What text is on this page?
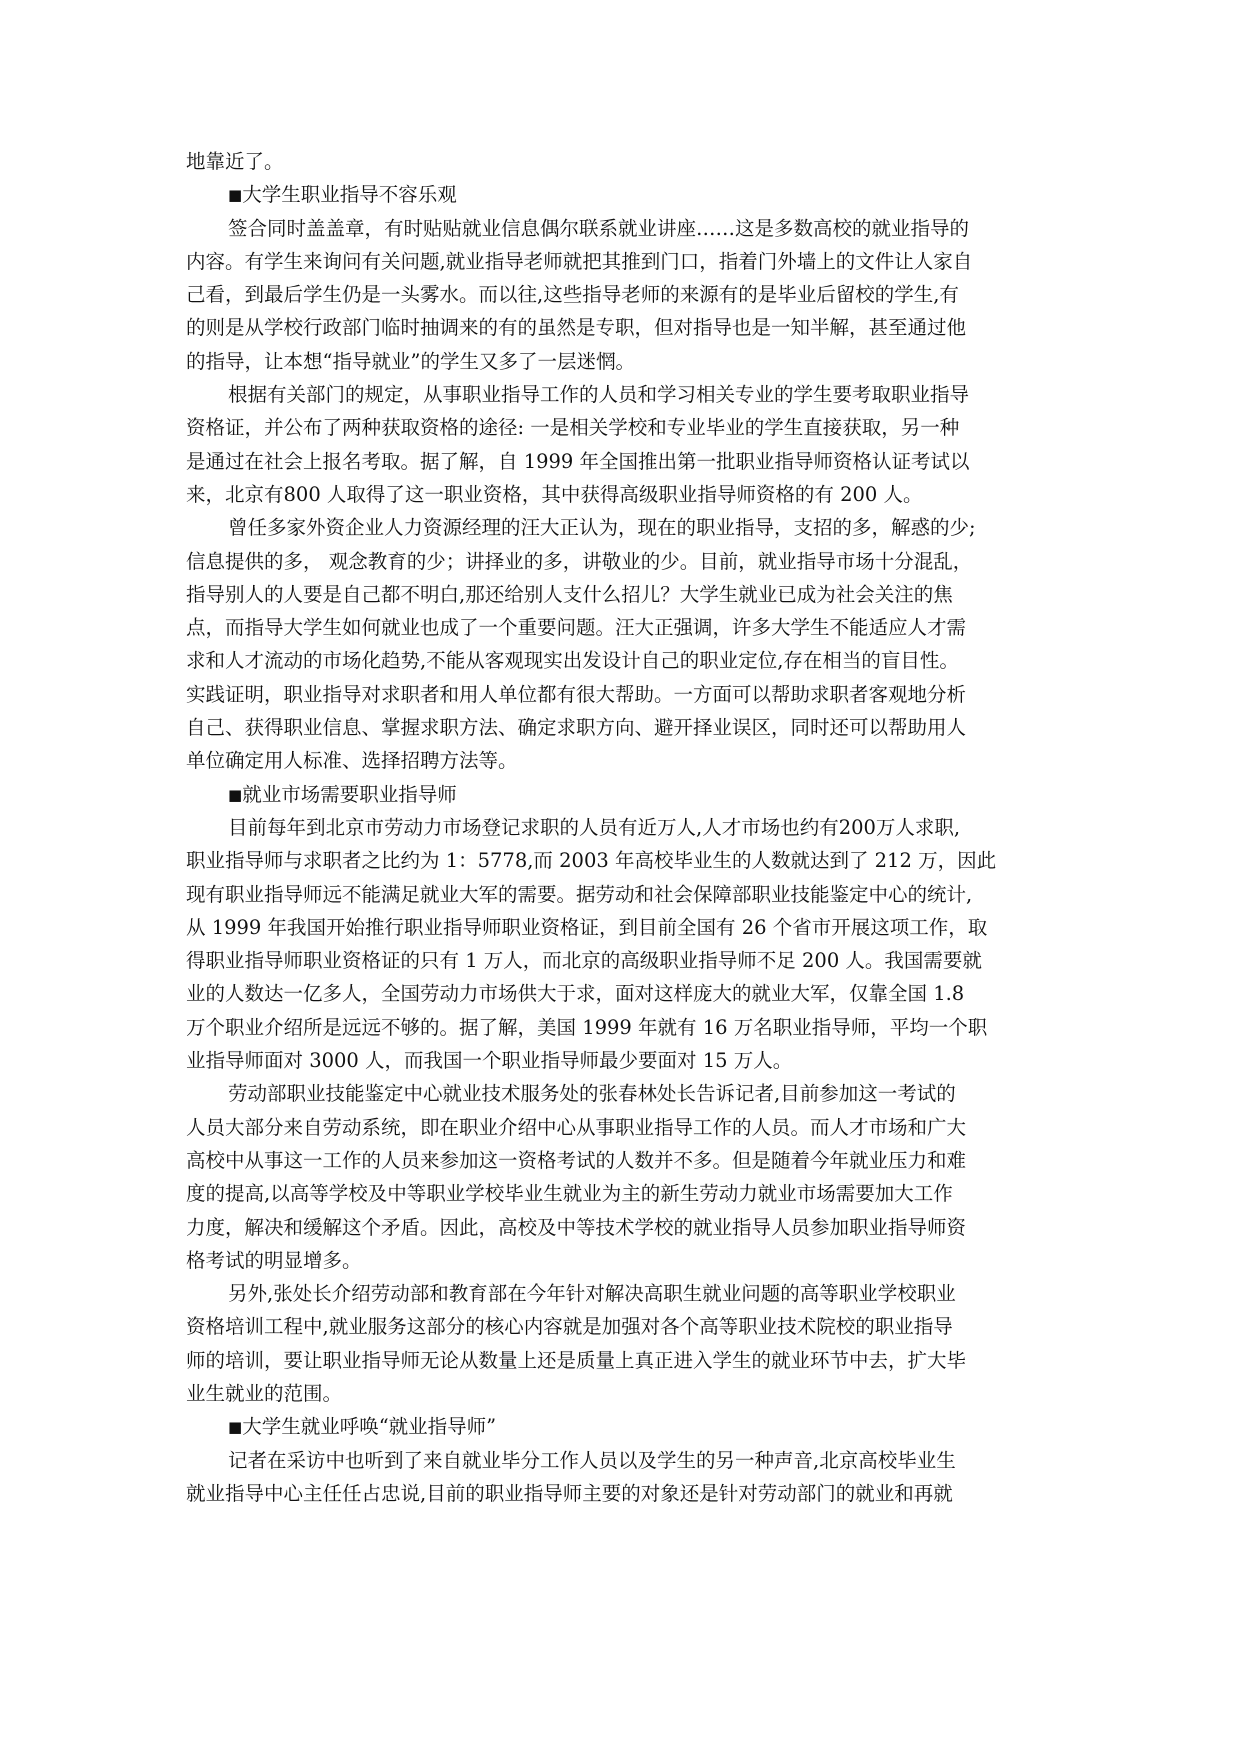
地靠近了。
■ 大学生职业指导不容乐观
签合同时盖盖章，有时贴贴就业信息偶尔联系就业讲座……这是多数高校的就业指导的
内容。有学生来询问有关问题,就业指导老师就把其推到门口，指着门外墙上的文件让人家自
己看，到最后学生仍是一头雾水。而以往,这些指导老师的来源有的是毕业后留校的学生,有
的则是从学校行政部门临时抽调来的有的虽然是专职，但对指导也是一知半解，甚至通过他
的指导，让本想“指导就业”的学生又多了一层迷惘。
根据有关部门的规定，从事职业指导工作的人员和学习相关专业的学生要考取职业指导
资格证，并公布了两种获取资格的途径: 一是相关学校和专业毕业的学生直接获取，另一种
是通过在社会上报名考取。据了解，自 1999 年全国推出第一批职业指导师资格认证考试以
来，北京有800 人取得了这一职业资格，其中获得高级职业指导师资格的有 200 人。
曾任多家外资企业人力资源经理的汪大正认为，现在的职业指导，支招的多，解惑的少;
信息提供的多， 观念教育的少；讲择业的多，讲敬业的少。目前，就业指导市场十分混乱，
指导别人的人要是自己都不明白,那还给别人支什么招儿？大学生就业已成为社会关注的焦
点，而指导大学生如何就业也成了一个重要问题。汪大正强调，许多大学生不能适应人才需
求和人才流动的市场化趋势,不能从客观现实出发设计自己的职业定位,存在相当的盲目性。
实践证明，职业指导对求职者和用人单位都有很大帮助。一方面可以帮助求职者客观地分析
自己、获得职业信息、掌握求职方法、确定求职方向、避开择业误区，同时还可以帮助用人
单位确定用人标准、选择招聘方法等。
■ 就业市场需要职业指导师
目前每年到北京市劳动力市场登记求职的人员有近万人,人才市场也约有200万人求职,
职业指导师与求职者之比约为 1：5778,而 2003 年高校毕业生的人数就达到了 212 万，因此
现有职业指导师远不能满足就业大军的需要。据劳动和社会保障部职业技能鉴定中心的统计,
从 1999 年我国开始推行职业指导师职业资格证，到目前全国有 26 个省市开展这项工作，取
得职业指导师职业资格证的只有 1 万人，而北京的高级职业指导师不足 200 人。我国需要就
业的人数达一亿多人，全国劳动力市场供大于求，面对这样庞大的就业大军，仅靠全国 1.8
万个职业介绍所是远远不够的。据了解，美国 1999 年就有 16 万名职业指导师，平均一个职
业指导师面对 3000 人，而我国一个职业指导师最少要面对 15 万人。
劳动部职业技能鉴定中心就业技术服务处的张春林处长告诉记者,目前参加这一考试的
人员大部分来自劳动系统，即在职业介绍中心从事职业指导工作的人员。而人才市场和广大
高校中从事这一工作的人员来参加这一资格考试的人数并不多。但是随着今年就业压力和难
度的提高,以高等学校及中等职业学校毕业生就业为主的新生劳动力就业市场需要加大工作
力度，解决和缓解这个矛盾。因此，高校及中等技术学校的就业指导人员参加职业指导师资
格考试的明显增多。
另外,张处长介绍劳动部和教育部在今年针对解决高职生就业问题的高等职业学校职业
资格培训工程中,就业服务这部分的核心内容就是加强对各个高等职业技术院校的职业指导
师的培训，要让职业指导师无论从数量上还是质量上真正进入学生的就业环节中去，扩大毕
业生就业的范围。
■ 大学生就业呼唤“就业指导师”
记者在采访中也听到了来自就业毕分工作人员以及学生的另一种声音,北京高校毕业生
就业指导中心主任任占忠说,目前的职业指导师主要的对象还是针对劳动部门的就业和再就
